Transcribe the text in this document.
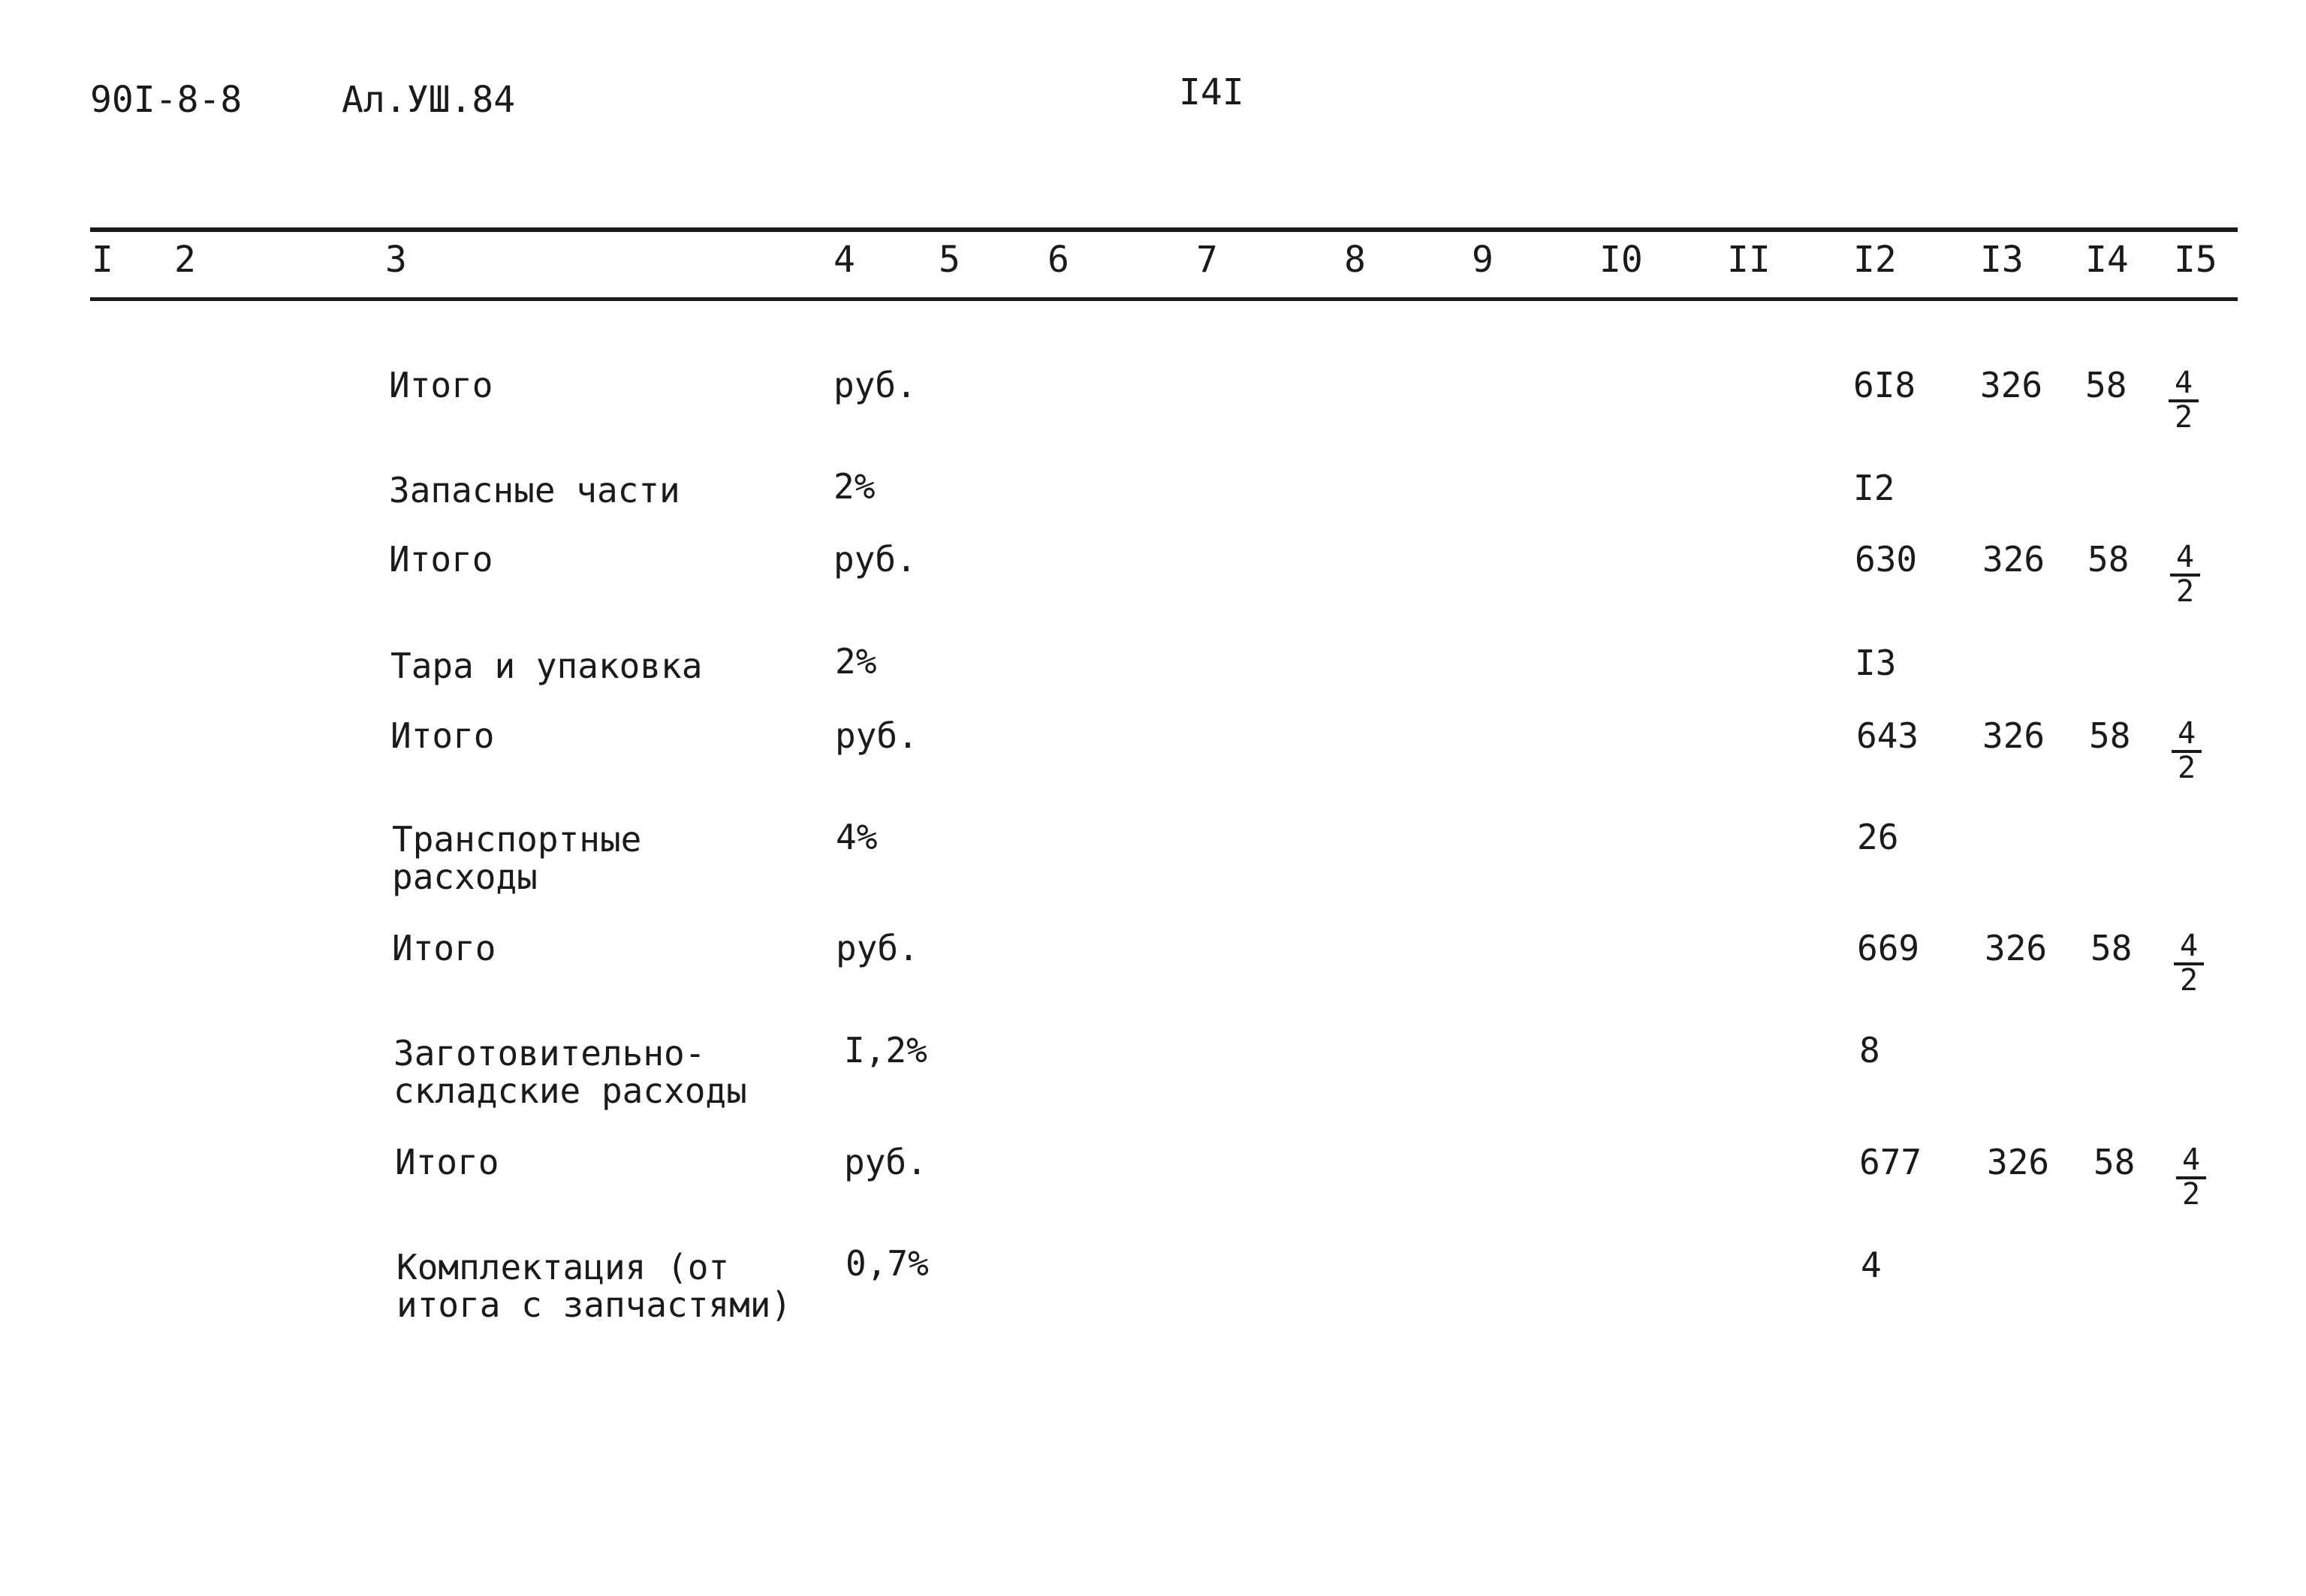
90I-8-8	Ал.УШ.84	I4I
I 2	3	4 5 6	7	8	9	I0 II I2 I3 I4 I5
Итого	руб.	6I8 326 $58 \frac{4}{2}$
Запасные части	2%	I2
Итого	руб.	630 326 $58 \frac{4}{2}$
Тара и упаковка	2%	I3
Итого	руб.	643 326 $58 \frac{4}{2}$
Транспортные
расходы
4%	26
Итого	руб.	669 326 $58 \frac{4}{2}$
Заготовительно-
складские расходы
I,2%	8
Итого	руб.	677 326 $58 \frac{4}{2}$
Комплектация (от
итога с запчастями)
0,7%	4
